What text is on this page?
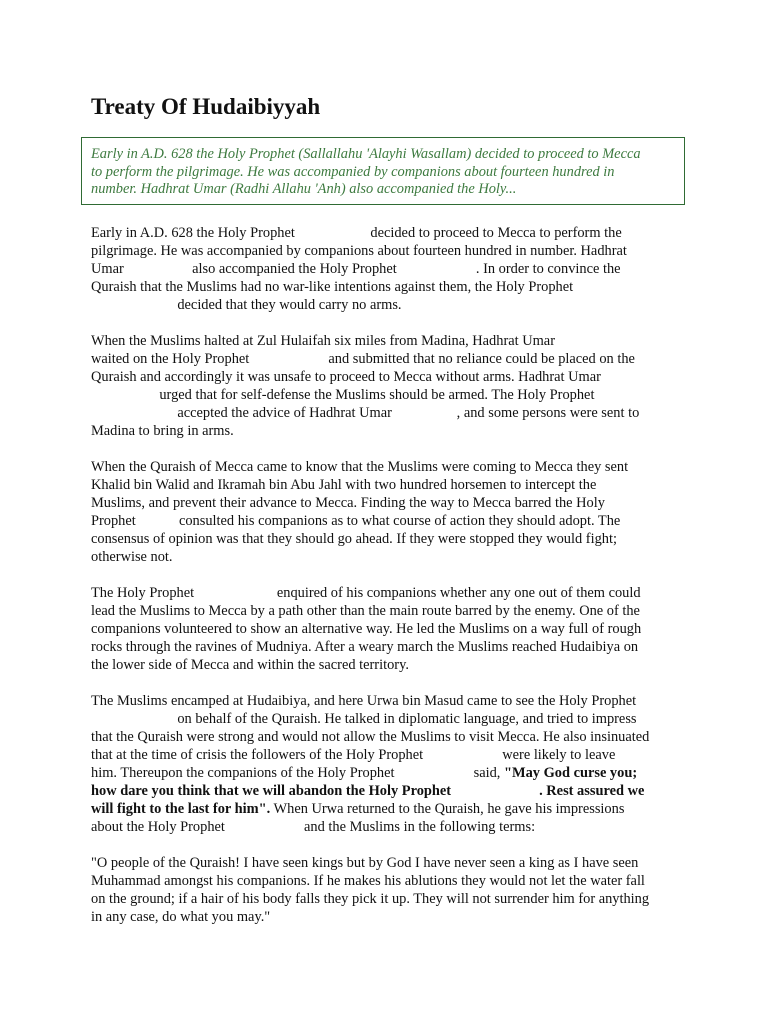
Treaty Of Hudaibiyyah

Early in A.D. 628 the Holy Prophet (Sallallahu 'Alayhi Wasallam) decided to proceed to Mecca

to perform the pilgrimage. He was accompanied by companions about fourteen hundred in

number. Hadhrat Umar (Radhi Allahu 'Anh) also accompanied the Holy...

Early in A.D. 628 the Holy Prophet                     decided to proceed to Mecca to perform the
pilgrimage. He was accompanied by companions about fourteen hundred in number. Hadhrat
Umar                   also accompanied the Holy Prophet                      . In order to convince the
Quraish that the Muslims had no war-like intentions against them, the Holy Prophet
decided that they would carry no arms.

When the Muslims halted at Zul Hulaifah six miles from Madina, Hadhrat Umar
waited on the Holy Prophet                      and submitted that no reliance could be placed on the
Quraish and accordingly it was unsafe to proceed to Mecca without arms. Hadhrat Umar
urged that for self-defense the Muslims should be armed. The Holy Prophet
accepted the advice of Hadhrat Umar                  , and some persons were sent to
Madina to bring in arms.

When the Quraish of Mecca came to know that the Muslims were coming to Mecca they sent
Khalid bin Walid and Ikramah bin Abu Jahl with two hundred horsemen to intercept the
Muslims, and prevent their advance to Mecca. Finding the way to Mecca barred the Holy
Prophet            consulted his companions as to what course of action they should adopt. The
consensus of opinion was that they should go ahead. If they were stopped they would fight;
otherwise not.

The Holy Prophet                       enquired of his companions whether any one out of them could
lead the Muslims to Mecca by a path other than the main route barred by the enemy. One of the
companions volunteered to show an alternative way. He led the Muslims on a way full of rough
rocks through the ravines of Mudniya. After a weary march the Muslims reached Hudaibiya on
the lower side of Mecca and within the sacred territory.

The Muslims encamped at Hudaibiya, and here Urwa bin Masud came to see the Holy Prophet
on behalf of the Quraish. He talked in diplomatic language, and tried to impress
that the Quraish were strong and would not allow the Muslims to visit Mecca. He also insinuated
that at the time of crisis the followers of the Holy Prophet                      were likely to leave
him. Thereupon the companions of the Holy Prophet                      said, "May God curse you;
how dare you think that we will abandon the Holy Prophet	. Rest assured we
will fight to the last for him". When Urwa returned to the Quraish, he gave his impressions
about the Holy Prophet                      and the Muslims in the following terms:

"O people of the Quraish! I have seen kings but by God I have never seen a king as I have seen
Muhammad amongst his companions. If he makes his ablutions they would not let the water fall
on the ground; if a hair of his body falls they pick it up. They will not surrender him for anything
in any case, do what you may."
